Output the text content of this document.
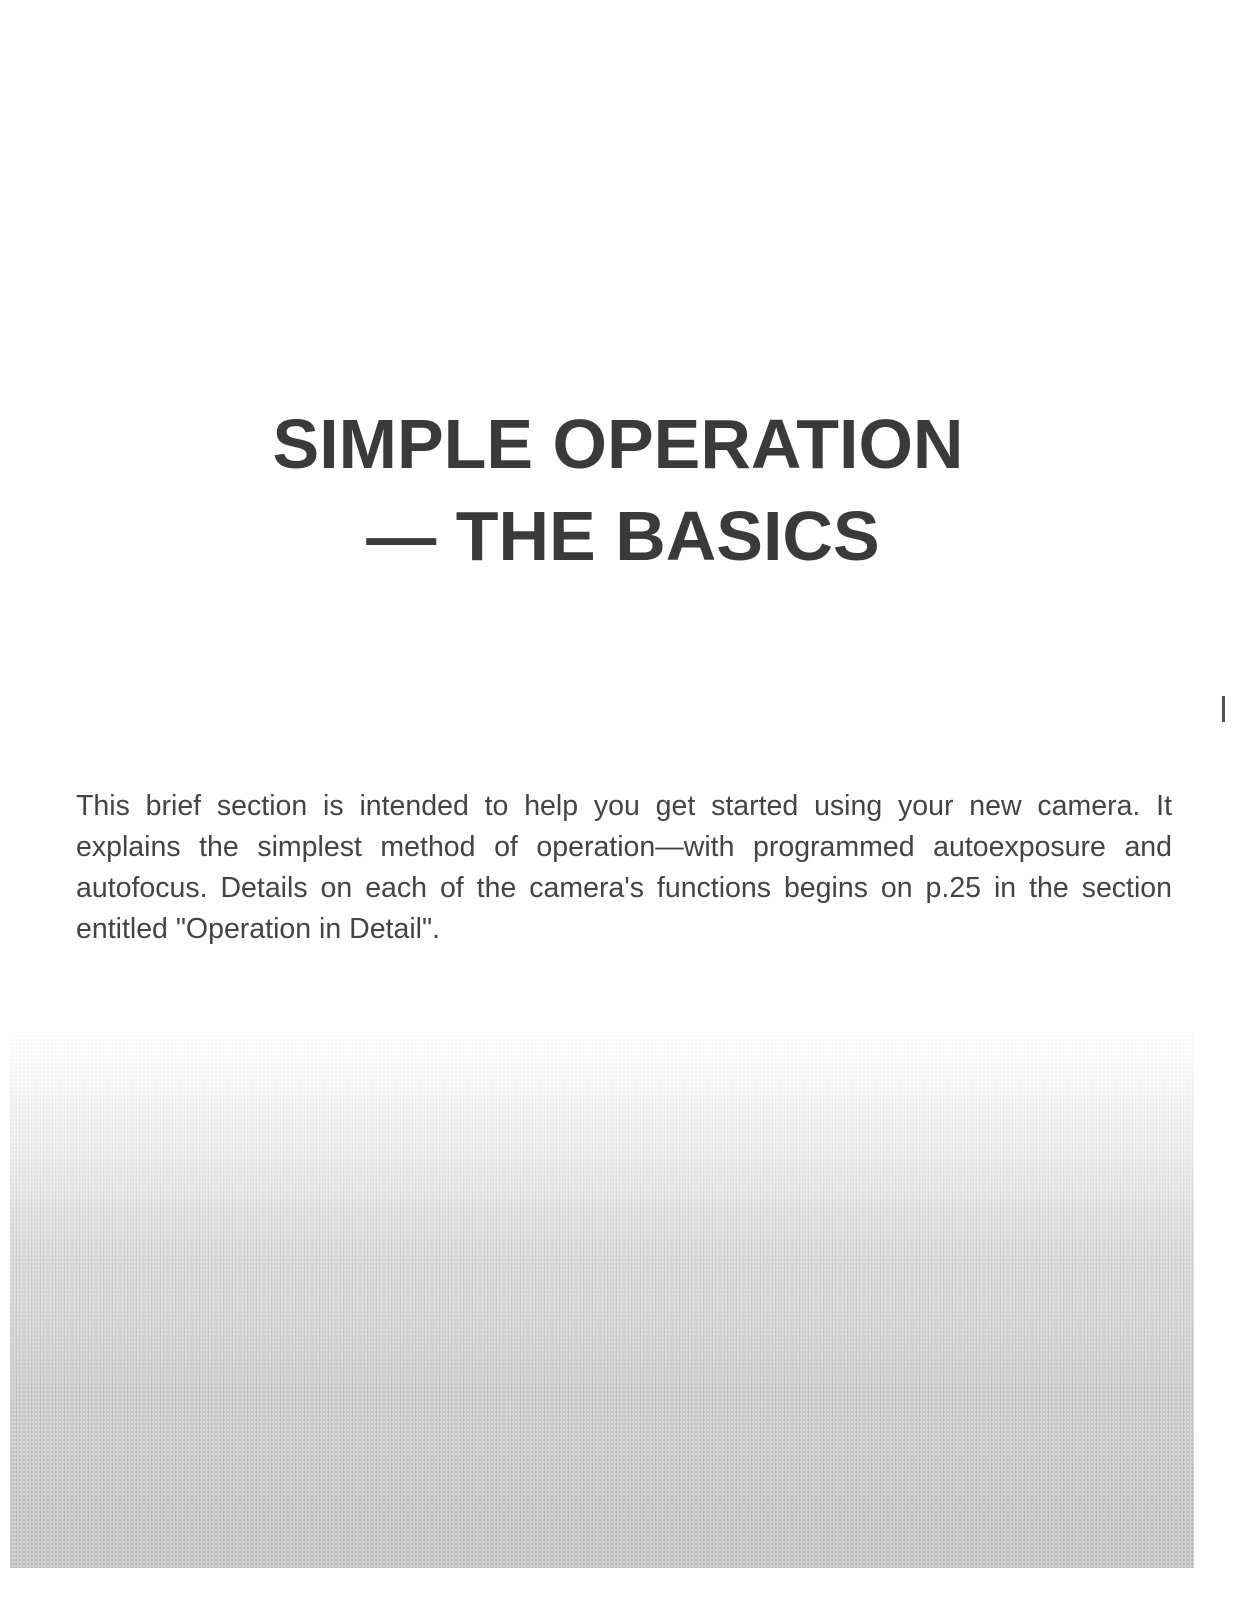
SIMPLE OPERATION
— THE BASICS

This brief section is intended to help you get started using your new camera. It explains the simplest method of operation—with programmed autoexposure and autofocus. Details on each of the camera's functions begins on p.25 in the section entitled "Operation in Detail".
